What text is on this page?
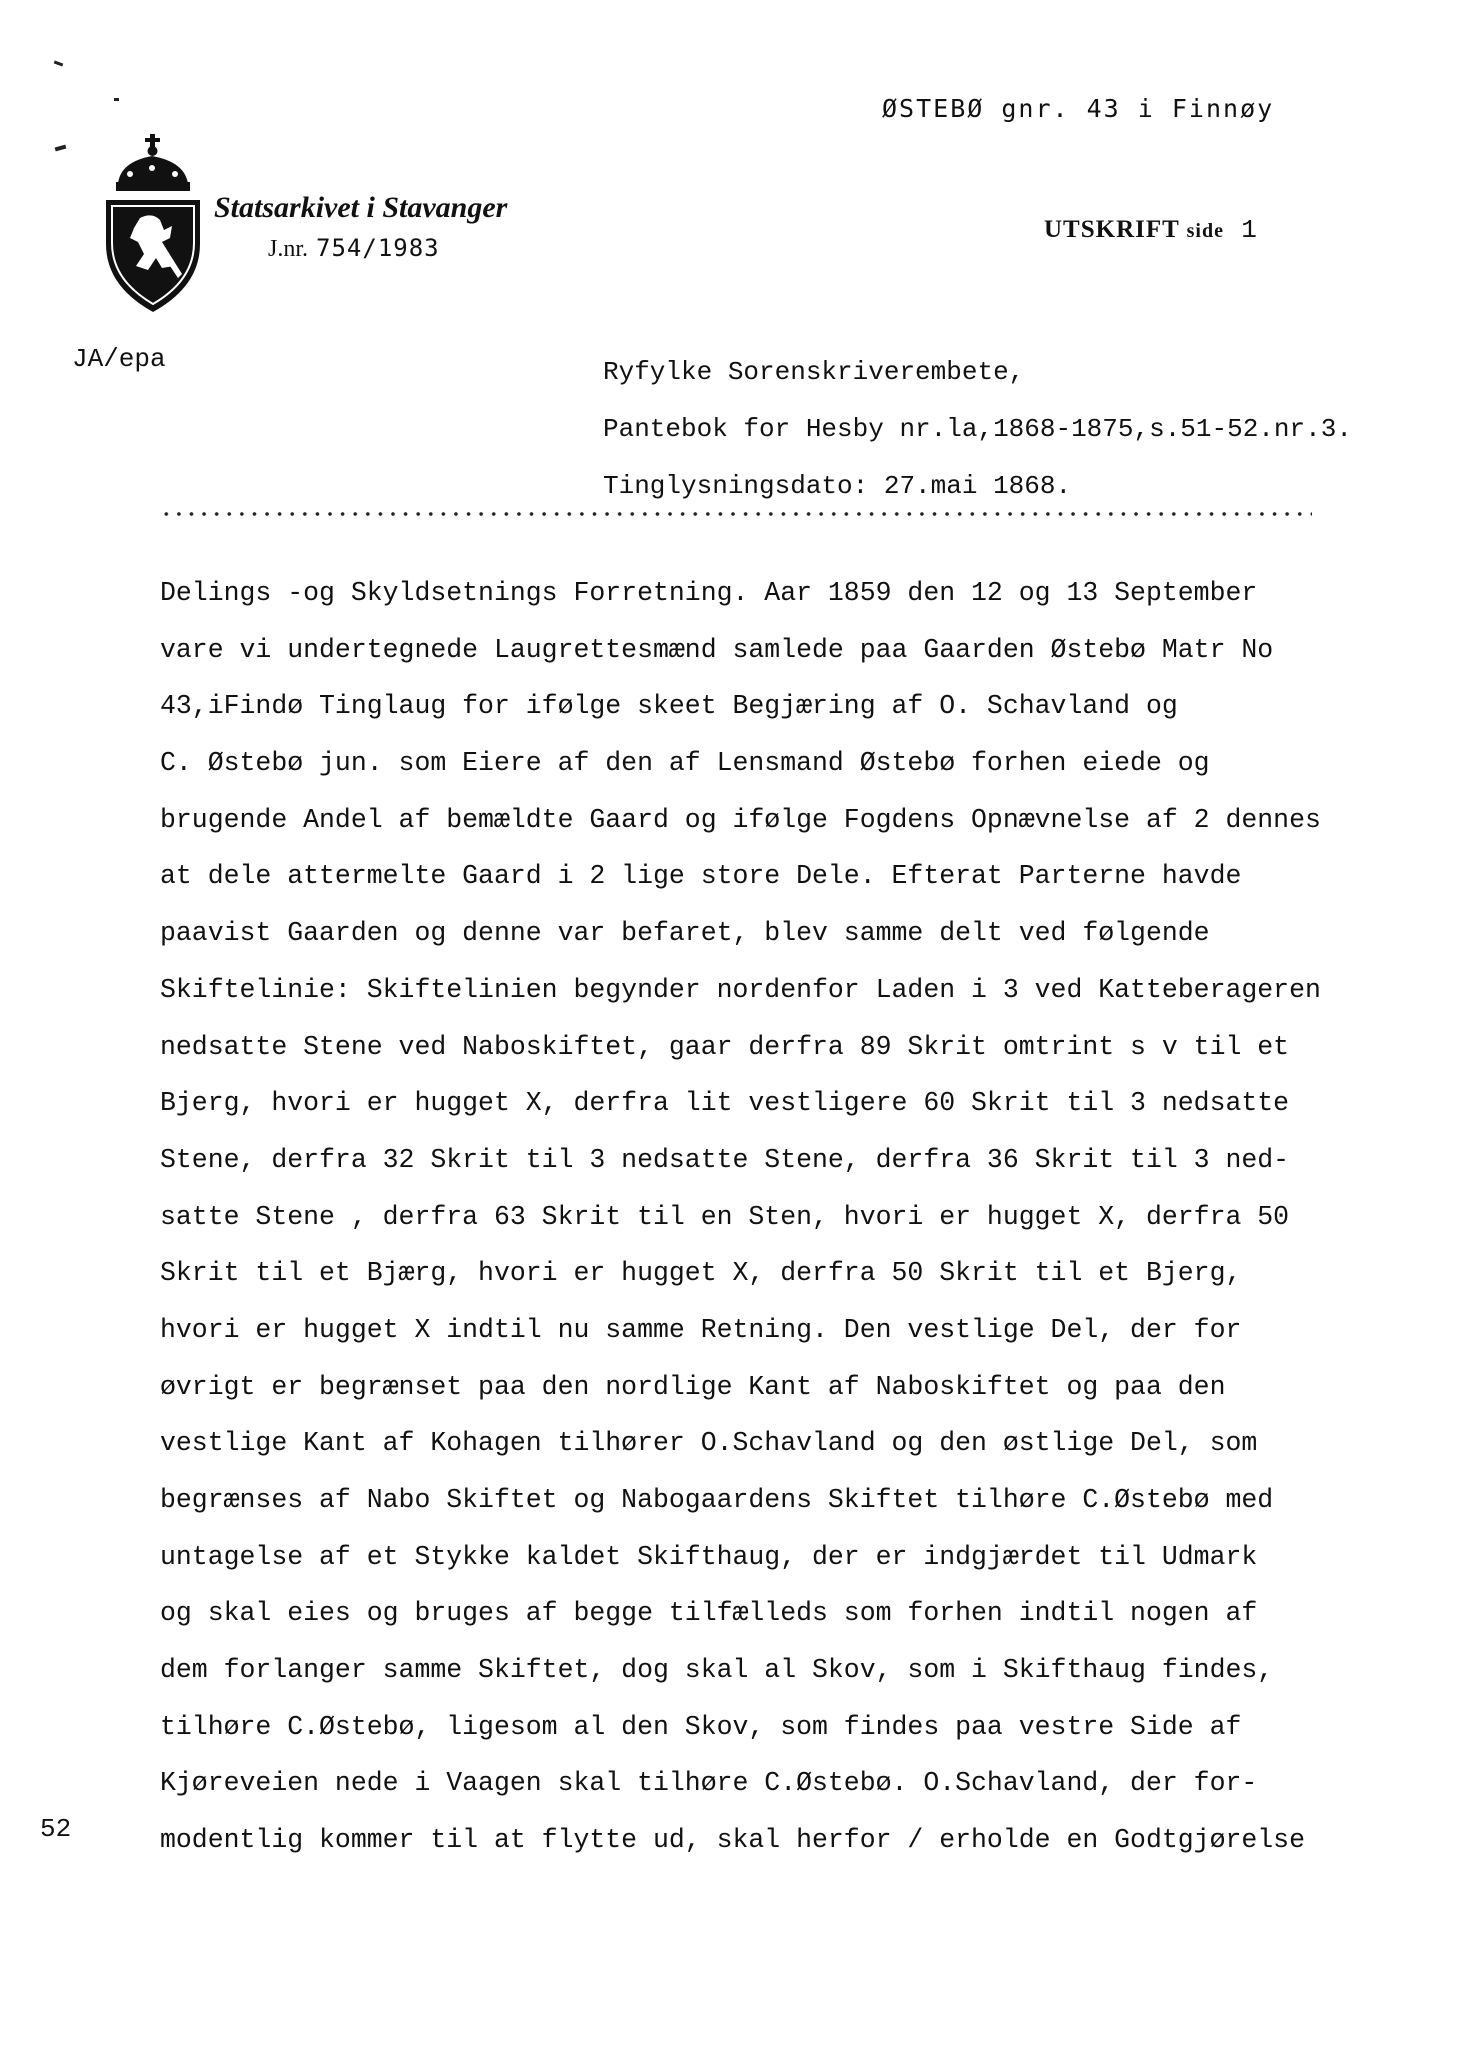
ØSTEBØ gnr. 43 i Finnøy
Statsarkivet i Stavanger
J.nr. 754/1983
UTSKRIFT side 1
JA/epa	Ryfylke Sorenskriverembete,
Pantebok for Hesby nr.la,1868-1875,s.51-52.nr.3.
Tinglysningsdato: 27.mai 1868.
Delings -og Skyldsetnings Forretning. Aar 1859 den 12 og 13 September
vare vi undertegnede Laugrettesmænd samlede paa Gaarden Østebø Matr No
43,iFindø Tinglaug for ifølge skeet Begjæring af O. Schavland og
C. Østebø jun. som Eiere af den af Lensmand Østebø forhen eiede og
brugende Andel af bemældte Gaard og ifølge Fogdens Opnævnelse af 2 dennes
at dele attermelte Gaard i 2 lige store Dele. Efterat Parterne havde
paavist Gaarden og denne var befaret, blev samme delt ved følgende
Skiftelinie: Skiftelinien begynder nordenfor Laden i 3 ved Katteberageren
nedsatte Stene ved Naboskiftet, gaar derfra 89 Skrit omtrint s v til et
Bjerg, hvori er hugget X, derfra lit vestligere 60 Skrit til 3 nedsatte
Stene, derfra 32 Skrit til 3 nedsatte Stene, derfra 36 Skrit til 3 ned-
satte Stene , derfra 63 Skrit til en Sten, hvori er hugget X, derfra 50
Skrit til et Bjærg, hvori er hugget X, derfra 50 Skrit til et Bjerg,
hvori er hugget X indtil nu samme Retning. Den vestlige Del, der for
øvrigt er begrænset paa den nordlige Kant af Naboskiftet og paa den
vestlige Kant af Kohagen tilhører O.Schavland og den østlige Del, som
begrænses af Nabo Skiftet og Nabogaardens Skiftet tilhøre C.Østebø med
untagelse af et Stykke kaldet Skifthaug, der er indgjærdet til Udmark
og skal eies og bruges af begge tilfælleds som forhen indtil nogen af
dem forlanger samme Skiftet, dog skal al Skov, som i Skifthaug findes,
tilhøre C.Østebø, ligesom al den Skov, som findes paa vestre Side af
Kjøreveien nede i Vaagen skal tilhøre C.Østebø. O.Schavland, der for-
modentlig kommer til at flytte ud, skal herfor / erholde en Godtgjørelse
52
